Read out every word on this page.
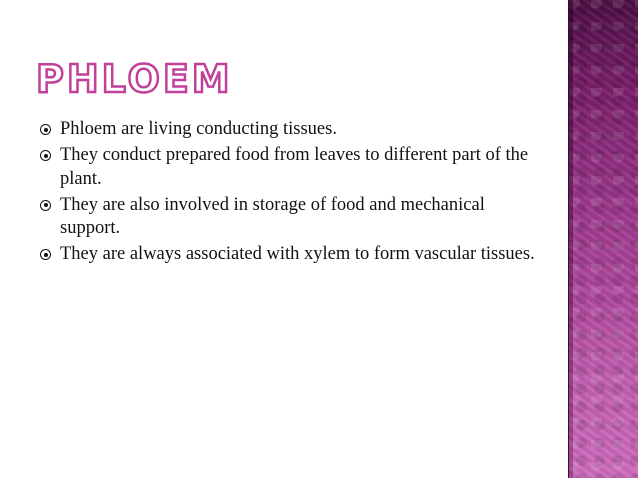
PHLOEM
Phloem are living conducting tissues.
They conduct prepared food from leaves to different part of the plant.
They are also involved in storage of food and mechanical support.
They are always associated with xylem to form vascular tissues.
